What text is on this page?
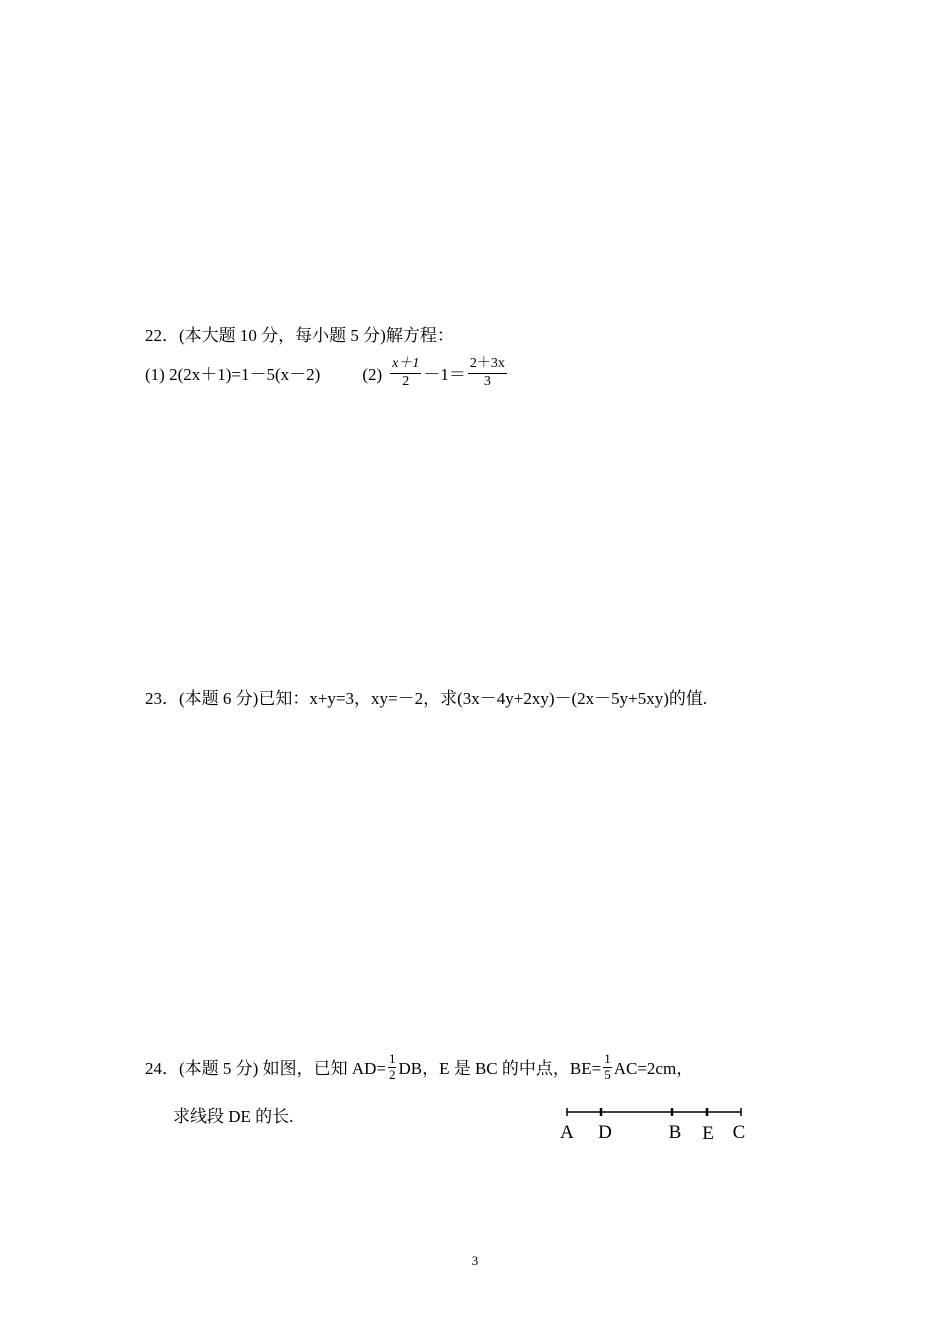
22．(本大题 10 分，每小题 5 分)解方程：
(1) 2(2x＋1)=1－5(x－2) $(2) \frac{x+1}{2} -1= \frac{2+3x}{3}$
23．(本题 6 分)已知：x+y=3，xy=－2，求(3x－4y+2xy)－(2x－5y+5xy)的值.
24．(本题 5 分) 如图，已知 $AD= \frac{1}{2}$ DB，E 是 BC 的中点，$BE= \frac{1}{5} AC=2cm$，
求线段 DE 的长.
A D	B E C
3
